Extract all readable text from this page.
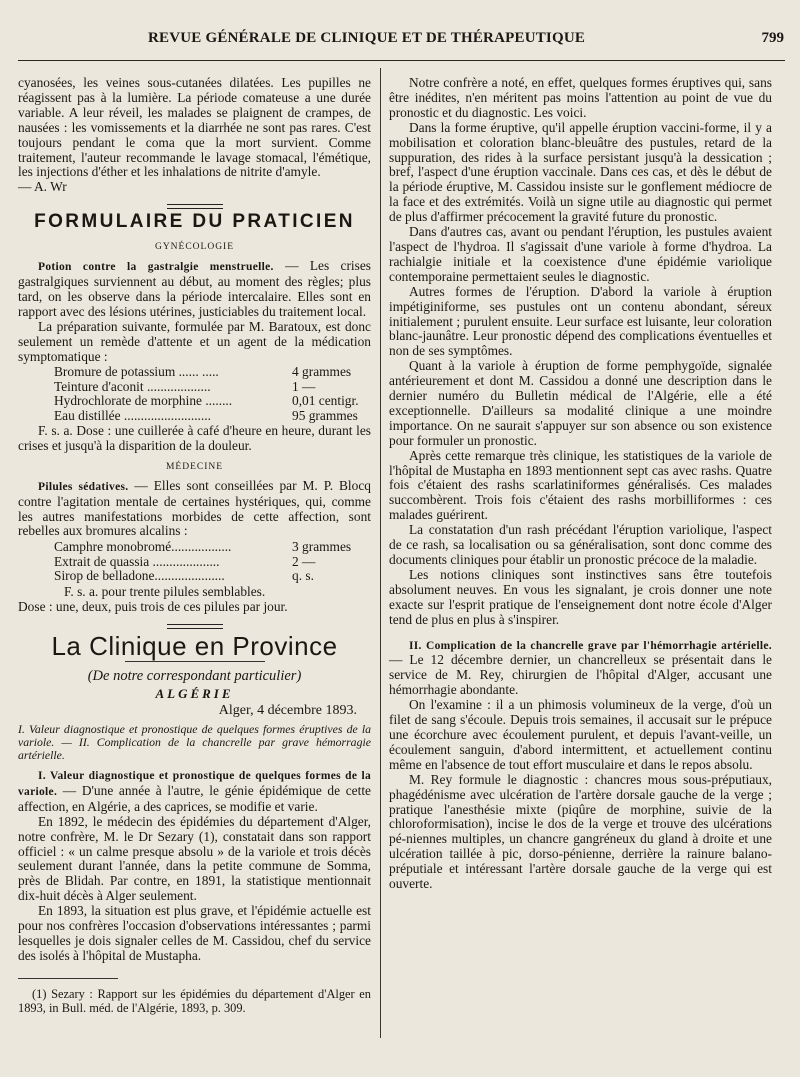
REVUE GÉNÉRALE DE CLINIQUE ET DE THÉRAPEUTIQUE	799

cyanosées, les veines sous-cutanées dilatées. Les pupilles ne réagissent pas à la lumière. La période comateuse a une durée variable. A leur réveil, les malades se plaignent de crampes, de nausées : les vomissements et la diarrhée ne sont pas rares. C'est toujours pendant le coma que la mort survient. Comme traitement, l'auteur recommande le lavage stomacal, l'émétique, les injections d'éther et les inhalations de nitrite d'amyle.

— A. Wr

FORMULAIRE DU PRATICIEN
GYNÉCOLOGIE

Potion contre la gastralgie menstruelle. — Les crises gastralgiques surviennent au début, au moment des règles; plus tard, on les observe dans la période intercalaire. Elles sont en rapport avec des lésions utérines, justiciables du traitement local.

La préparation suivante, formulée par M. Baratoux, est donc seulement un remède d'attente et un agent de la médication symptomatique :

Bromure de potassium ...... .....	4 grammes
Teinture d'aconit ...................	1 —
Hydrochlorate de morphine ........	0,01 centigr.
Eau distillée ..........................	95 grammes

F. s. a. Dose : une cuillerée à café d'heure en heure, durant les crises et jusqu'à la disparition de la douleur.

MÉDECINE

Pilules sédatives. — Elles sont conseillées par M. P. Blocq contre l'agitation mentale de certaines hystériques, qui, comme les autres manifestations morbides de cette affection, sont rebelles aux bromures alcalins :

Camphre monobromé..................	3 grammes
Extrait de quassia ....................	2 —
Sirop de belladone.....................	q. s.

F. s. a. pour trente pilules semblables.

Dose : une, deux, puis trois de ces pilules par jour.

La Clinique en Province
(De notre correspondant particulier)
ALGÉRIE
Alger, 4 décembre 1893.

I. Valeur diagnostique et pronostique de quelques formes éruptives de la variole. — II. Complication de la chancrelle par grave hémorragie artérielle.

I. Valeur diagnostique et pronostique de quelques formes de la variole. — D'une année à l'autre, le génie épidémique de cette affection, en Algérie, a des caprices, se modifie et varie.

En 1892, le médecin des épidémies du département d'Alger, notre confrère, M. le Dr Sezary (1), constatait dans son rapport officiel : « un calme presque absolu » de la variole et trois décès seulement durant l'année, dans la petite commune de Somma, près de Blidah. Par contre, en 1891, la statistique mentionnait dix-huit décès à Alger seulement.

En 1893, la situation est plus grave, et l'épidémie actuelle est pour nos confrères l'occasion d'observations intéressantes ; parmi lesquelles je dois signaler celles de M. Cassidou, chef du service des isolés à l'hôpital de Mustapha.

(1) Sezary : Rapport sur les épidémies du département d'Alger en 1893, in Bull. méd. de l'Algérie, 1893, p. 309.

Notre confrère a noté, en effet, quelques formes éruptives qui, sans être inédites, n'en méritent pas moins l'attention au point de vue du pronostic et du diagnostic. Les voici.

Dans la forme éruptive, qu'il appelle éruption vaccini-forme, il y a mobilisation et coloration blanc-bleuâtre des pustules, retard de la suppuration, des rides à la surface persistant jusqu'à la dessication ; bref, l'aspect d'une éruption vaccinale. Dans ces cas, et dès le début de la période éruptive, M. Cassidou insiste sur le gonflement médiocre de la face et des extrémités. Voilà un signe utile au diagnostic qui permet de plus d'affirmer précocement la gravité future du pronostic.

Dans d'autres cas, avant ou pendant l'éruption, les pustules avaient l'aspect de l'hydroa. Il s'agissait d'une variole à forme d'hydroa. La rachialgie initiale et la coexistence d'une épidémie variolique contemporaine permettaient seules le diagnostic.

Autres formes de l'éruption. D'abord la variole à éruption impétiginiforme, ses pustules ont un contenu abondant, séreux initialement ; purulent ensuite. Leur surface est luisante, leur coloration blanc-jaunâtre. Leur pronostic dépend des complications éventuelles et non de ses symptômes.

Quant à la variole à éruption de forme pemphygoïde, signalée antérieurement et dont M. Cassidou a donné une description dans le dernier numéro du Bulletin médical de l'Algérie, elle a été exceptionnelle. D'ailleurs sa modalité clinique a une moindre importance. On ne saurait s'appuyer sur son absence ou son existence pour formuler un pronostic.

Après cette remarque très clinique, les statistiques de la variole de l'hôpital de Mustapha en 1893 mentionnent sept cas avec rashs. Quatre fois c'étaient des rashs scarlatiniformes généralisés. Ces malades succombèrent. Trois fois c'étaient des rashs morbilliformes : ces malades guérirent.

La constatation d'un rash précédant l'éruption variolique, l'aspect de ce rash, sa localisation ou sa généralisation, sont donc comme des documents cliniques pour établir un pronostic précoce de la maladie.

Les notions cliniques sont instinctives sans être toutefois absolument neuves. En vous les signalant, je crois donner une note exacte sur l'esprit pratique de l'enseignement dont notre école d'Alger tend de plus en plus à s'inspirer.

II. Complication de la chancrelle grave par l'hémorrhagie artérielle. — Le 12 décembre dernier, un chancrelleux se présentait dans le service de M. Rey, chirurgien de l'hôpital d'Alger, accusant une hémorrhagie abondante.

On l'examine : il a un phimosis volumineux de la verge, d'où un filet de sang s'écoule. Depuis trois semaines, il accusait sur le prépuce une écorchure avec écoulement purulent, et depuis l'avant-veille, un écoulement sanguin, d'abord intermittent, et actuellement continu même en l'absence de tout effort musculaire et dans le repos absolu.

M. Rey formule le diagnostic : chancres mous sous-préputiaux, phagédénisme avec ulcération de l'artère dorsale gauche de la verge ; pratique l'anesthésie mixte (piqûre de morphine, suivie de la chloroformisation), incise le dos de la verge et trouve des ulcérations pé-niennes multiples, un chancre gangréneux du gland à droite et une ulcération taillée à pic, dorso-pénienne, derrière la rainure balano-préputiale et intéressant l'artère dorsale gauche de la verge qui est ouverte.
